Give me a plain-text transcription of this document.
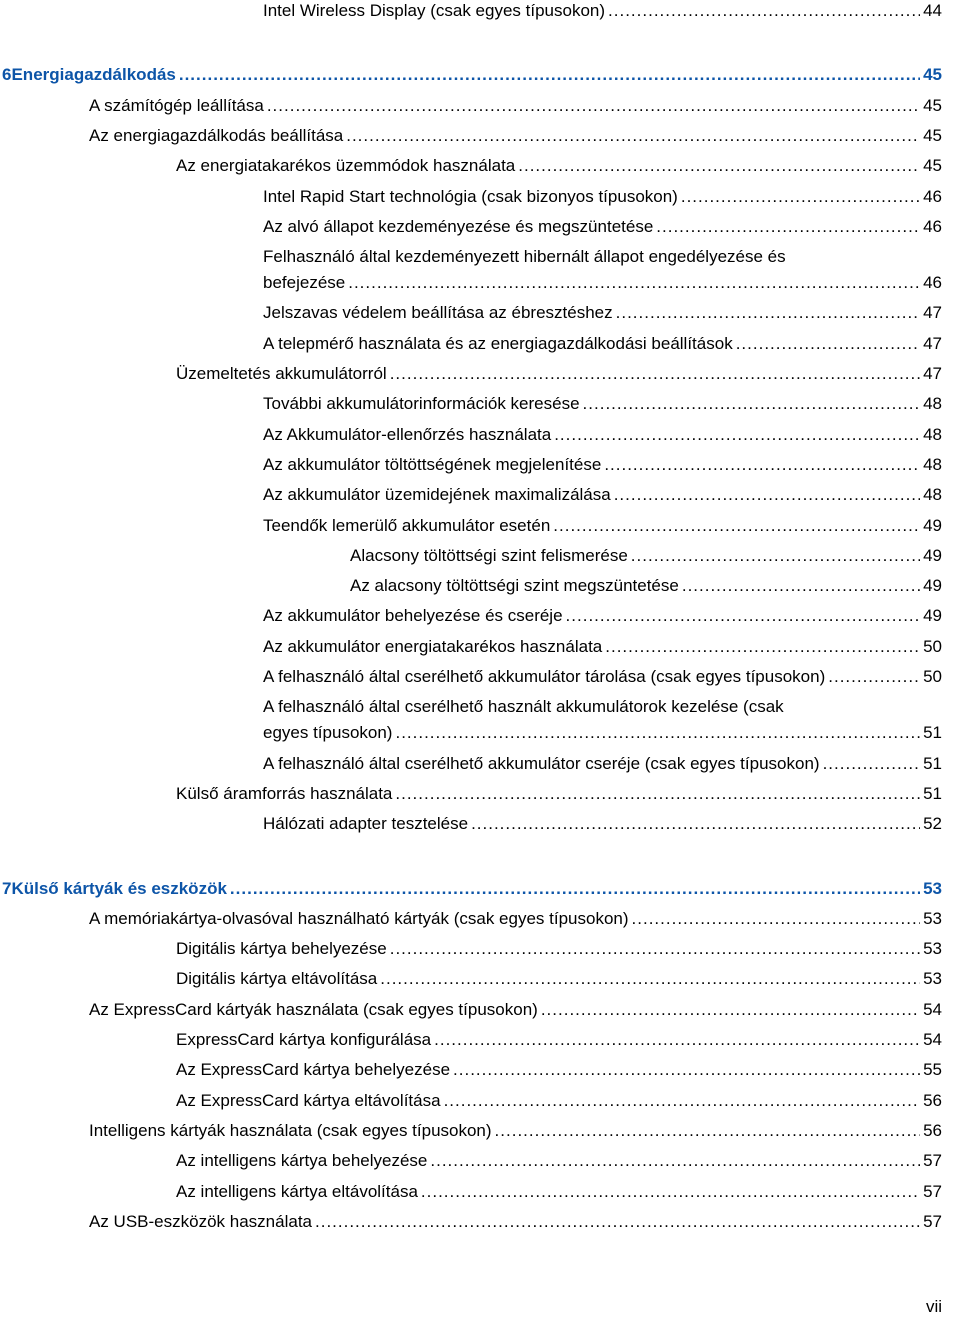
Intel Wireless Display (csak egyes típusokon) .....	44
6 Energiagazdálkodás .....	45
A számítógép leállítása .....	45
Az energiagazdálkodás beállítása .....	45
Az energiatakarékos üzemmódok használata .....	45
Intel Rapid Start technológia (csak bizonyos típusokon) .....	46
Az alvó állapot kezdeményezése és megszüntetése .....	46
Felhasználó által kezdeményezett hibernált állapot engedélyezése és
befejezése .....	46
Jelszavas védelem beállítása az ébresztéshez .....	47
A telepmérő használata és az energiagazdálkodási beállítások .....	47
Üzemeltetés akkumulátorról .....	47
További akkumulátorinformációk keresése .....	48
Az Akkumulátor-ellenőrzés használata .....	48
Az akkumulátor töltöttségének megjelenítése .....	48
Az akkumulátor üzemidejének maximalizálása .....	48
Teendők lemerülő akkumulátor esetén .....	49
Alacsony töltöttségi szint felismerése .....	49
Az alacsony töltöttségi szint megszüntetése .....	49
Az akkumulátor behelyezése és cseréje .....	49
Az akkumulátor energiatakarékos használata .....	50
A felhasználó által cserélhető akkumulátor tárolása (csak egyes típusokon) .....	50
A felhasználó által cserélhető használt akkumulátorok kezelése (csak
egyes típusokon) .....	51
A felhasználó által cserélhető akkumulátor cseréje (csak egyes típusokon) .....	51
Külső áramforrás használata .....	51
Hálózati adapter tesztelése .....	52
7 Külső kártyák és eszközök .....	53
A memóriakártya-olvasóval használható kártyák (csak egyes típusokon) .....	53
Digitális kártya behelyezése .....	53
Digitális kártya eltávolítása .....	53
Az ExpressCard kártyák használata (csak egyes típusokon) .....	54
ExpressCard kártya konfigurálása .....	54
Az ExpressCard kártya behelyezése .....	55
Az ExpressCard kártya eltávolítása .....	56
Intelligens kártyák használata (csak egyes típusokon) .....	56
Az intelligens kártya behelyezése .....	57
Az intelligens kártya eltávolítása .....	57
Az USB-eszközök használata .....	57
vii
